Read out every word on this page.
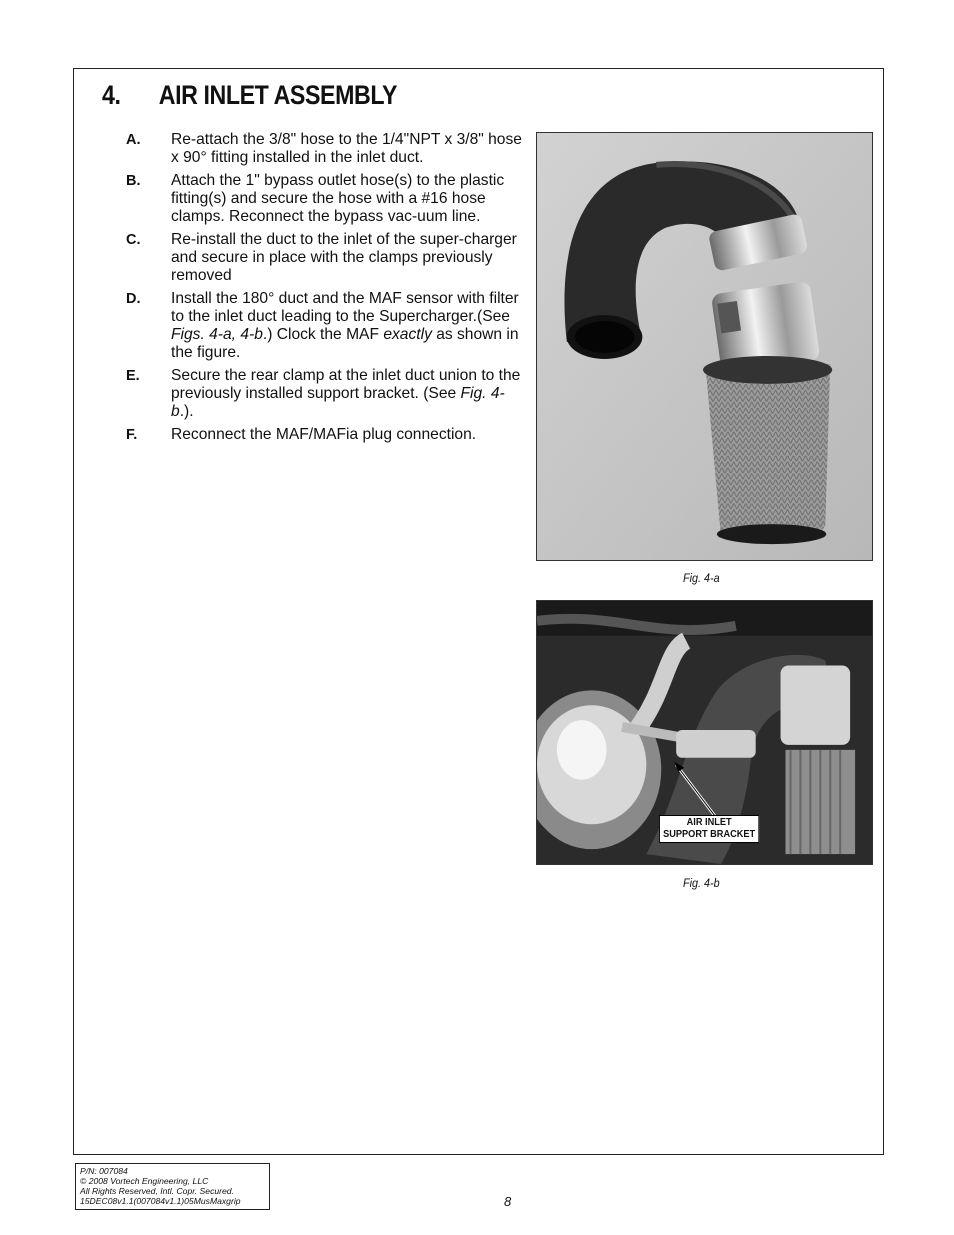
4. AIR INLET ASSEMBLY
A.	Re-attach the 3/8" hose to the 1/4"NPT x 3/8" hose x 90° fitting installed in the inlet duct.
B.	Attach the 1" bypass outlet hose(s) to the plastic fitting(s) and secure the hose with a #16 hose clamps. Reconnect the bypass vac-uum line.
C.	Re-install the duct to the inlet of the super-charger and secure in place with the clamps previously removed
D.	Install the 180° duct and the MAF sensor with filter to the inlet duct leading to the Supercharger.(See Figs. 4-a, 4-b.) Clock the MAF exactly as shown in the figure.
E.	Secure the rear clamp at the inlet duct union to the previously installed support bracket. (See Fig. 4-b.).
F.	Reconnect the MAF/MAFia plug connection.
Fig. 4-a
AIR INLET
SUPPORT BRACKET
Fig. 4-b
P/N: 007084
© 2008 Vortech Engineering, LLC
All Rights Reserved, Intl. Copr. Secured.
15DEC08v1.1(007084v1.1)05MusMaxgrip	8
